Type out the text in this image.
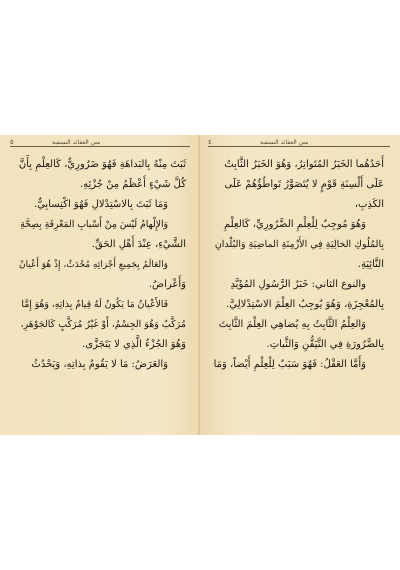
٥	متن العقائد النسفية
ثَبَتَ مِنْهُ بِالبَداهَةِ فَهُوَ ضَرُورِيٌّ، كَالعِلْمِ بِأَنَّ
كُلَّ شَيْءٍ أَعْظَمُ مِنْ جُزْئِهِ.
وَمَا ثَبَتَ بِالاسْتِدْلالِ فَهُوَ اكْتِسابِيٌّ.
وَالإِلْهامُ لَيْسَ مِنْ أَسْبابِ المَعْرِفَةِ بِصِحَّةِ
الشَّيْءِ، عِنْدَ أَهْلِ الحَقِّ.
وَالعَالَمُ بِجَمِيعِ أَجْزائِهِ مُحْدَثٌ، إِذْ هُوَ أَعْيانٌ
وَأَعْراضٌ.
فَالأَعْيانُ مَا يَكُونُ لَهُ قِيامٌ بِذاتِهِ، وَهُوَ إِمَّا
مُرَكَّبٌ وَهُوَ الجِسْمُ، أَوْ غَيْرُ مُرَكَّبٍ كَالجَوْهَرِ،
وَهُوَ الجُزْءُ الَّذِي لا يَتَجَزَّى.
وَالعَرَضُ: مَا لا يَقُومُ بِذاتِهِ، وَيَحْدُثُ
٤	متن العقائد النسفية
أَحَدُهُما الخَبَرُ المُتَواتِرُ، وَهُوَ الخَبَرُ الثَّابِتُ
عَلَى أَلْسِنَةِ قَوْمٍ لا يُتَصَوَّرُ تَواطُؤُهُمْ عَلَى
الكَذِبِ،
وَهُوَ مُوجِبٌ لِلْعِلْمِ الضَّرُورِيِّ، كَالعِلْمِ
بِالمُلُوكِ الخالِيَةِ فِي الأَزْمِنَةِ الماضِيَةِ وَالبُلْدانِ
النَّائِيَةِ.
والنوع الثاني: خَبَرُ الرَّسُولِ المُؤَيَّدِ
بِالمُعْجِزَةِ، وَهُوَ يُوجِبُ العِلْمَ الاسْتِدْلالِيَّ.
وَالعِلْمُ الثَّابِتُ بِهِ يُضاهِي العِلْمَ الثَّابِتَ
بِالضَّرُورَةِ فِي التَّيَقُّنِ وَالثَّباتِ.
وَأَمَّا العَقْلُ: فَهُوَ سَبَبٌ لِلْعِلْمِ أَيْضاً، وَمَا
